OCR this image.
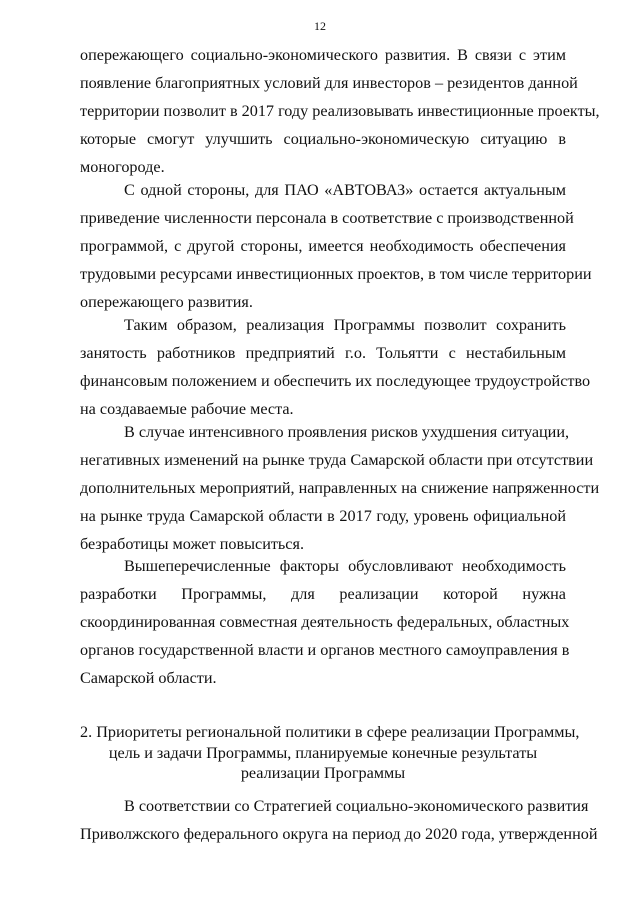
12
опережающего социально-экономического развития. В связи с этим
появление благоприятных условий для инвесторов – резидентов данной
территории позволит в 2017 году реализовывать инвестиционные проекты,
которые смогут улучшить социально-экономическую ситуацию в
моногороде.
С одной стороны, для ПАО «АВТОВАЗ» остается актуальным
приведение численности персонала в соответствие с производственной
программой, с другой стороны, имеется необходимость обеспечения
трудовыми ресурсами инвестиционных проектов, в том числе территории
опережающего развития.
Таким образом, реализация Программы позволит сохранить
занятость работников предприятий г.о. Тольятти с нестабильным
финансовым положением и обеспечить их последующее трудоустройство
на создаваемые рабочие места.
В случае интенсивного проявления рисков ухудшения ситуации,
негативных изменений на рынке труда Самарской области при отсутствии
дополнительных мероприятий, направленных на снижение напряженности
на рынке труда Самарской области в 2017 году, уровень официальной
безработицы может повыситься.
Вышеперечисленные факторы обусловливают необходимость
разработки Программы, для реализации которой нужна
скоординированная совместная деятельность федеральных, областных
органов государственной власти и органов местного самоуправления в
Самарской области.
2. Приоритеты региональной политики в сфере реализации Программы,
цель и задачи Программы, планируемые конечные результаты
реализации Программы
В соответствии со Стратегией социально-экономического развития
Приволжского федерального округа на период до 2020 года, утвержденной
